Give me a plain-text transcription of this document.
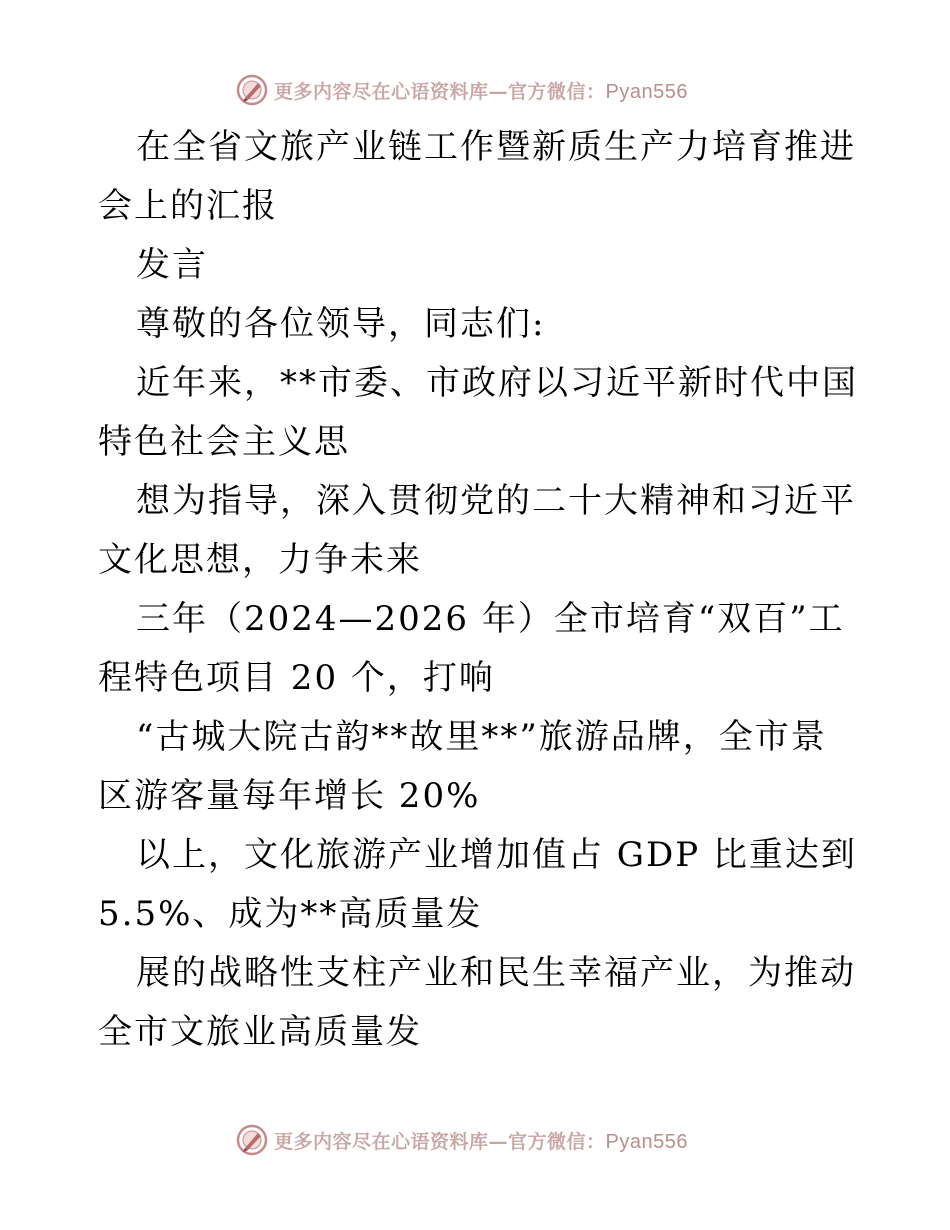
更多内容尽在心语资料库—官方微信：Pyan556

在全省文旅产业链工作暨新质生产力培育推进会上的汇报

发言

尊敬的各位领导，同志们:

近年来，**市委、市政府以习近平新时代中国特色社会主义思

想为指导，深入贯彻党的二十大精神和习近平文化思想，力争未来

三年（2024—2026 年）全市培育“双百”工程特色项目 20 个，打响

“古城大院古韵**故里**”旅游品牌，全市景区游客量每年增长 20%

以上，文化旅游产业增加值占 GDP 比重达到 5.5%、成为**高质量发

展的战略性支柱产业和民生幸福产业，为推动全市文旅业高质量发

更多内容尽在心语资料库—官方微信：Pyan556
